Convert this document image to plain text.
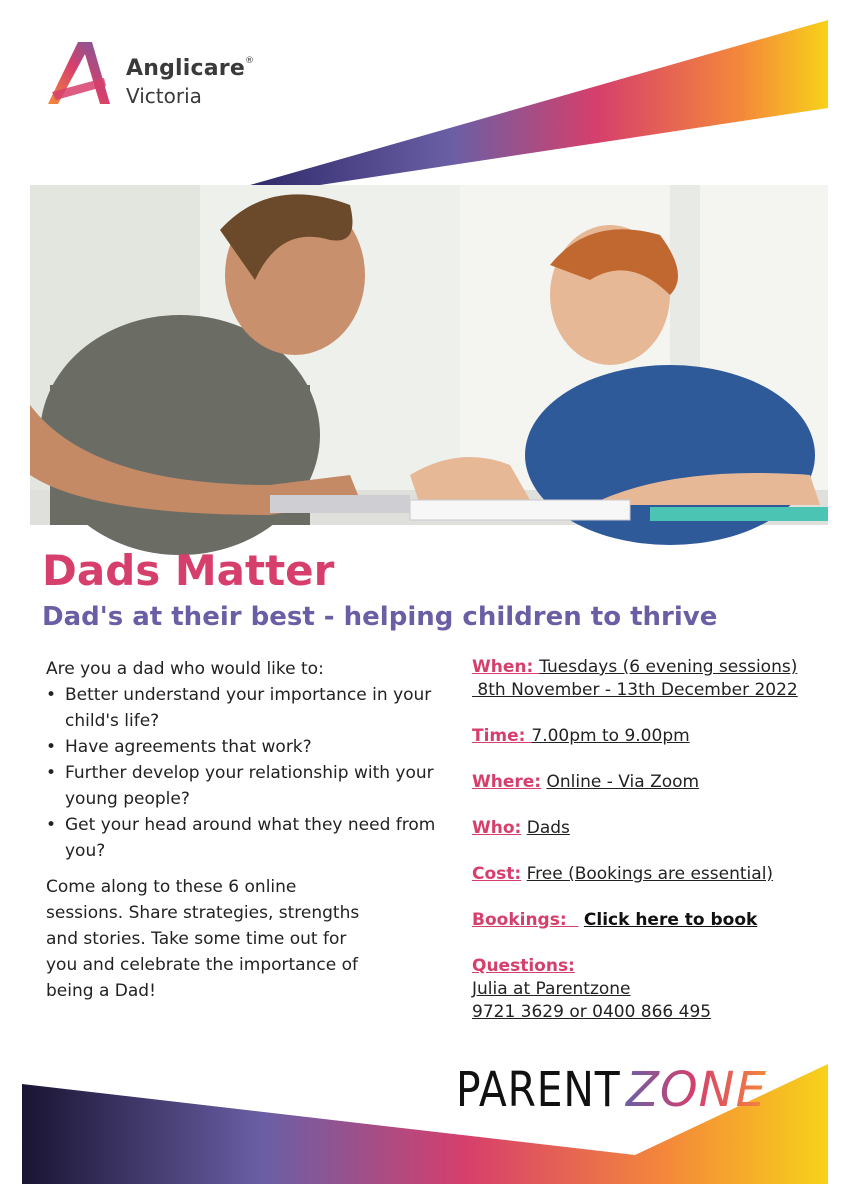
Anglicare®
Victoria
Dads Matter
Dad's at their best - helping children to thrive

Are you a dad who would like to:

• Better understand your importance in your child's life?
• Have agreements that work?
• Further develop your relationship with your young people?
• Get your head around what they need from you?
Come along to these 6 online sessions. Share strategies, strengths and stories. Take some time out for you and celebrate the importance of being a Dad!
When: Tuesdays (6 evening sessions)
8th November - 13th December 2022
Time: 7.00pm to 9.00pm
Where: Online - Via Zoom
Who: Dads
Cost: Free (Bookings are essential)
Bookings:   Click here to book
Questions:
Julia at Parentzone
9721 3629 or 0400 866 495
PARENT ZONE
